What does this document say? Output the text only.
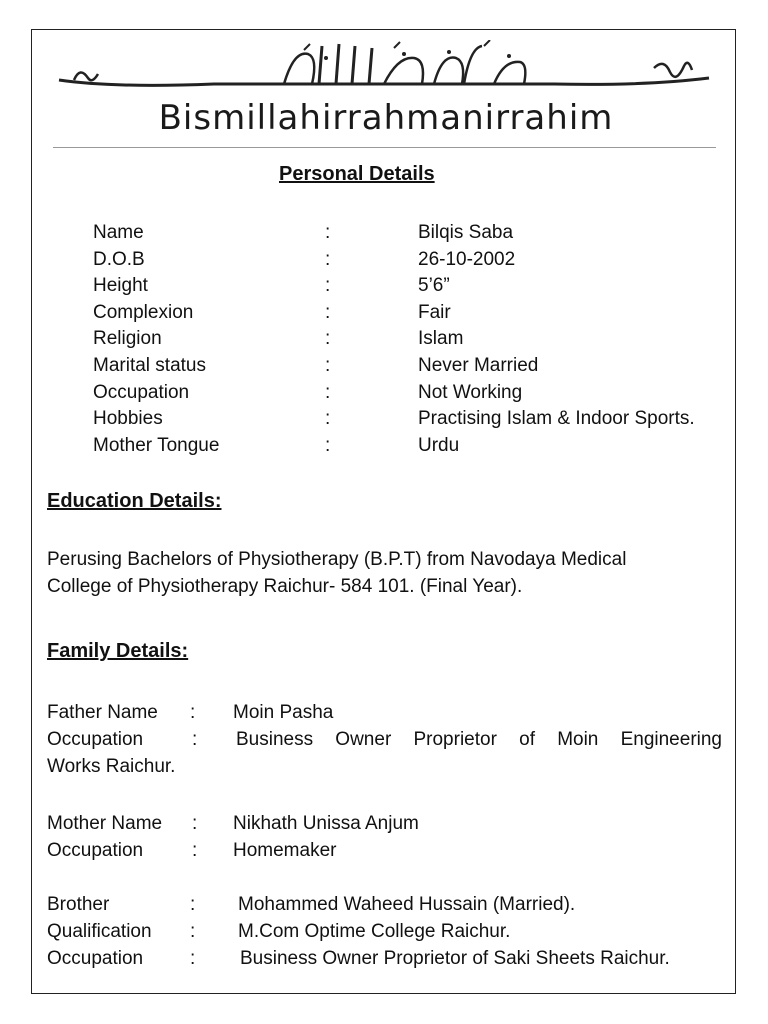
Bismillahirrahmanirrahim
Personal Details
Name	:	Bilqis Saba
D.O.B	:	26-10-2002
Height	:	5’6”
Complexion	:	Fair
Religion	:	Islam
Marital status	:	Never Married
Occupation	:	Not Working
Hobbies	:	Practising Islam & Indoor Sports.
Mother Tongue	:	Urdu
Education Details:
Perusing Bachelors of Physiotherapy (B.P.T) from Navodaya Medical
College of Physiotherapy Raichur- 584 101. (Final Year).
Family Details:
Father Name : Moin Pasha
Occupation	: Business Owner Proprietor of Moin Engineering
Works Raichur.
Mother Name : Nikhath Unissa Anjum
Occupation	: Homemaker
Brother	: Mohammed Waheed Hussain (Married).
Qualification : M.Com Optime College Raichur.
Occupation : Business Owner Proprietor of Saki Sheets Raichur.
